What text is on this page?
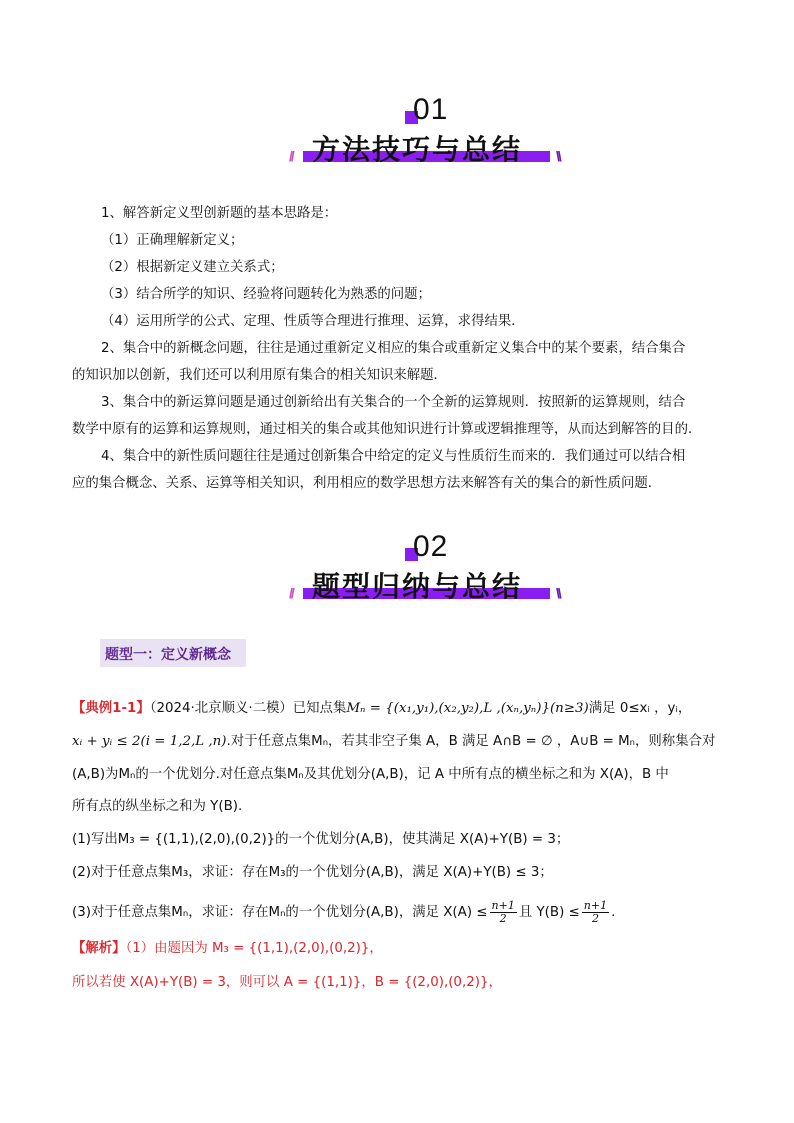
01
方法技巧与总结
//	\\
1、解答新定义型创新题的基本思路是：
（1）正确理解新定义；
（2）根据新定义建立关系式；
（3）结合所学的知识、经验将问题转化为熟悉的问题；
（4）运用所学的公式、定理、性质等合理进行推理、运算，求得结果．
2、集合中的新概念问题，往往是通过重新定义相应的集合或重新定义集合中的某个要素，结合集合
的知识加以创新，我们还可以利用原有集合的相关知识来解题．
3、集合中的新运算问题是通过创新给出有关集合的一个全新的运算规则．按照新的运算规则，结合
数学中原有的运算和运算规则，通过相关的集合或其他知识进行计算或逻辑推理等，从而达到解答的目的．
4、集合中的新性质问题往往是通过创新集合中给定的定义与性质衍生而来的．我们通过可以结合相
应的集合概念、关系、运算等相关知识，利用相应的数学思想方法来解答有关的集合的新性质问题．
02
题型归纳与总结
//	\\
题型一：定义新概念
【典例1-1】（2024·北京顺义·二模）已知点集Mₙ = {(x₁,y₁),(x₂,y₂),L ,(xₙ,yₙ)}(n≥3)满足 0≤xᵢ ，yᵢ，
xᵢ + yᵢ ≤ 2(i = 1,2,L ,n).对于任意点集Mₙ，若其非空子集 A，B 满足 A∩B = ∅ ，A∪B = Mₙ，则称集合对
(A,B)为Mₙ的一个优划分.对任意点集Mₙ及其优划分(A,B)，记 A 中所有点的横坐标之和为 X(A)，B 中
所有点的纵坐标之和为 Y(B).
(1)写出M₃ = {(1,1),(2,0),(0,2)}的一个优划分(A,B)，使其满足 X(A)+Y(B) = 3；
(2)对于任意点集M₃，求证：存在M₃的一个优划分(A,B)，满足 X(A)+Y(B) ≤ 3；
(3)对于任意点集Mₙ，求证：存在Mₙ的一个优划分(A,B)，满足 $X(A) \le \frac{n+1}{2}$ 且 $Y(B) \le \frac{n+1}{2}$ .
【解析】（1）由题因为 M₃ = {(1,1),(2,0),(0,2)}，
所以若使 X(A)+Y(B) = 3，则可以 A = {(1,1)}，B = {(2,0),(0,2)}，
